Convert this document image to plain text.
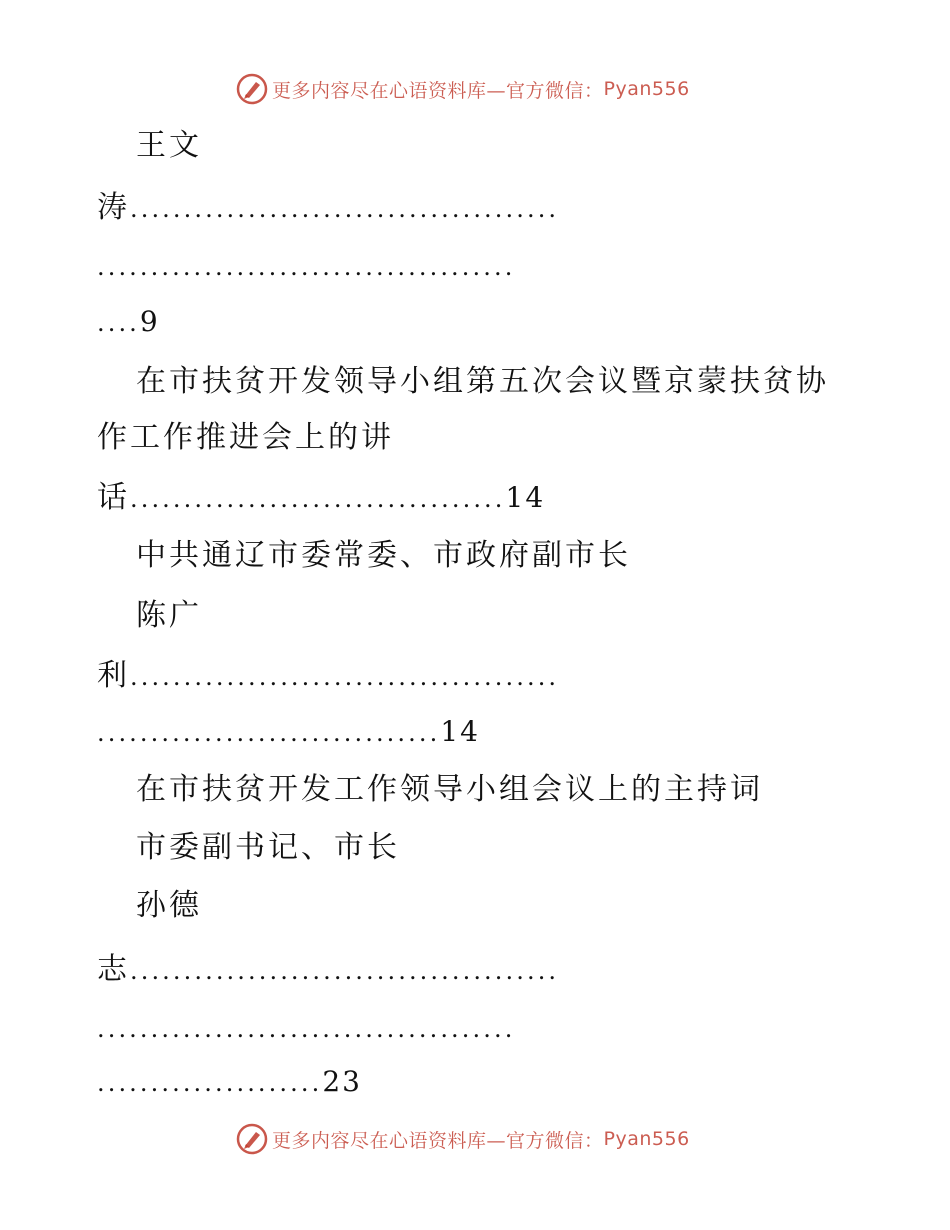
更多内容尽在心语资料库—官方微信： Pyan556
王文
涛........................................
.......................................
....9
在市扶贫开发领导小组第五次会议暨京蒙扶贫协
作工作推进会上的讲
话...................................14
中共通辽市委常委、市政府副市长
陈广
利........................................
................................14
在市扶贫开发工作领导小组会议上的主持词
市委副书记、市长
孙德
志........................................
.......................................
.....................23
更多内容尽在心语资料库—官方微信： Pyan556
